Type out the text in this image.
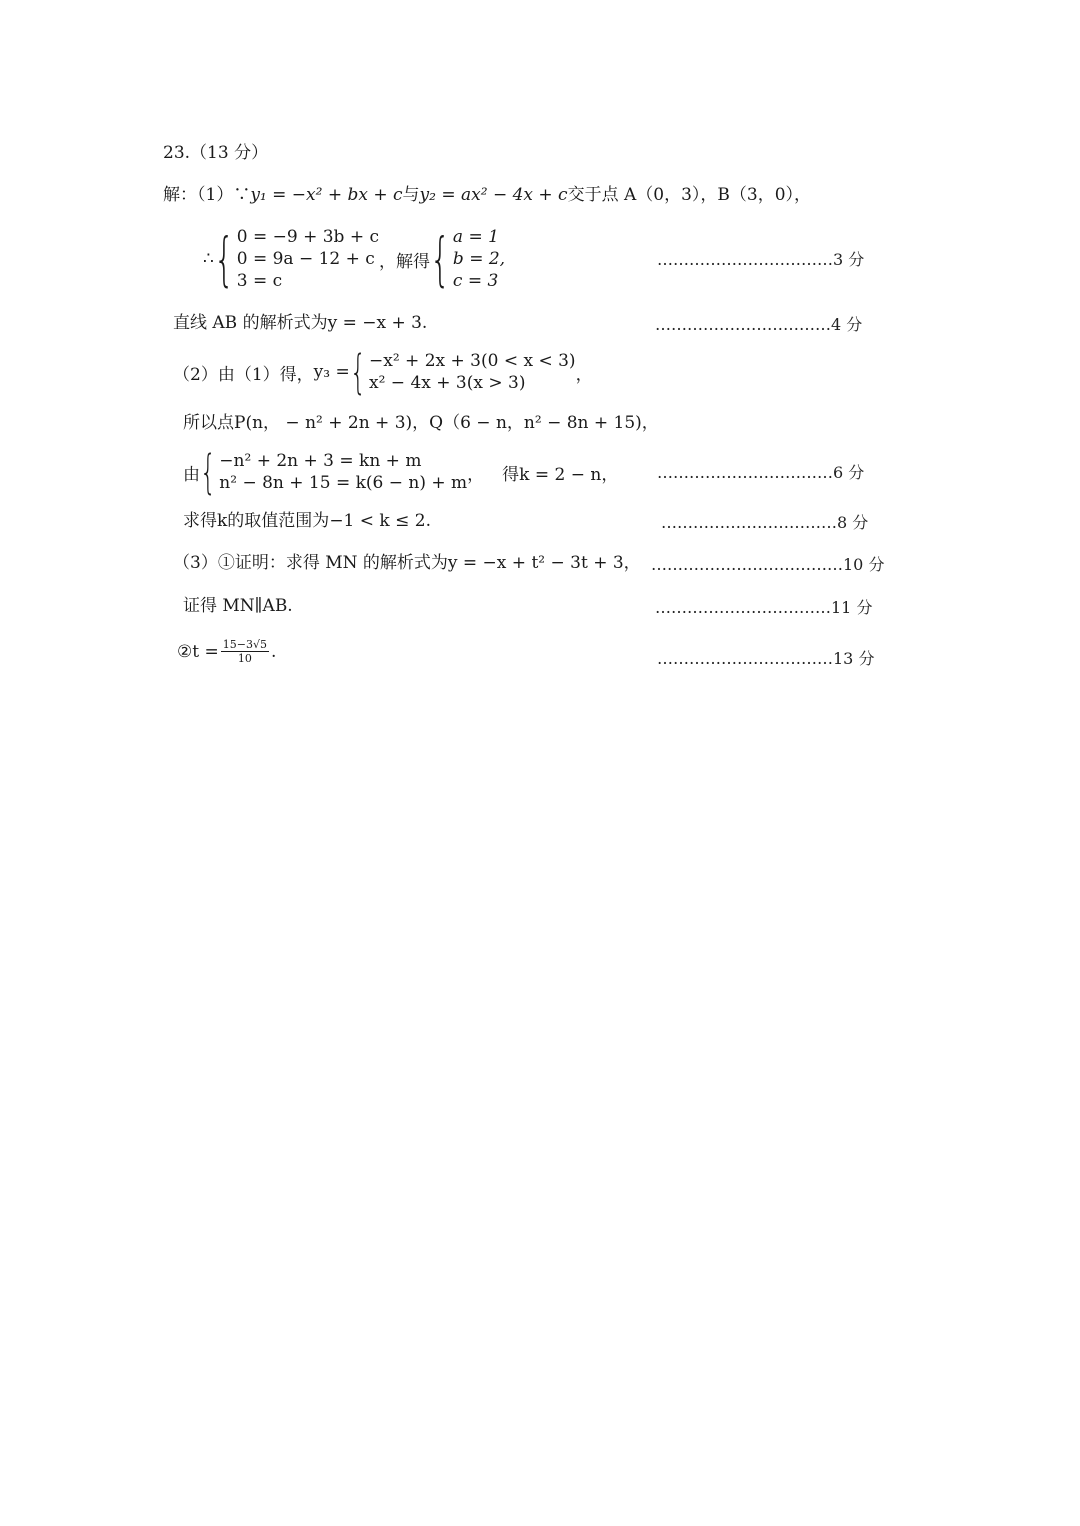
23.（13 分）
解：（1）∵y₁ = −x² + bx + c与y₂ = ax² − 4x + c交于点 A（0，3），B（3，0），
∴ { 0 = −9 + 3b + c
0 = 9a − 12 + c
3 = c
，解得 { a = 1
b = 2,
c = 3
……………………………3 分
直线 AB 的解析式为y = −x + 3.	……………………………4 分
（2）由（1）得， y₃ = { −x² + 2x + 3(0 < x < 3)
x² − 4x + 3(x > 3)	，
所以点P(n， − n² + 2n + 3)，Q（6 − n，n² − 8n + 15)，
由 { −n² + 2n + 3 = kn + m
n² − 8n + 15 = k(6 − n) + m ， 得k = 2 − n， ……………………………6 分
求得k的取值范围为−1 < k ≤ 2.	……………………………8 分
（3）①证明：求得 MN 的解析式为y = −x + t² − 3t + 3， ………………………………10 分
证得 MN∥AB.	……………………………11 分
②t = $\frac{15-3√5}{10}$ .	……………………………13 分
